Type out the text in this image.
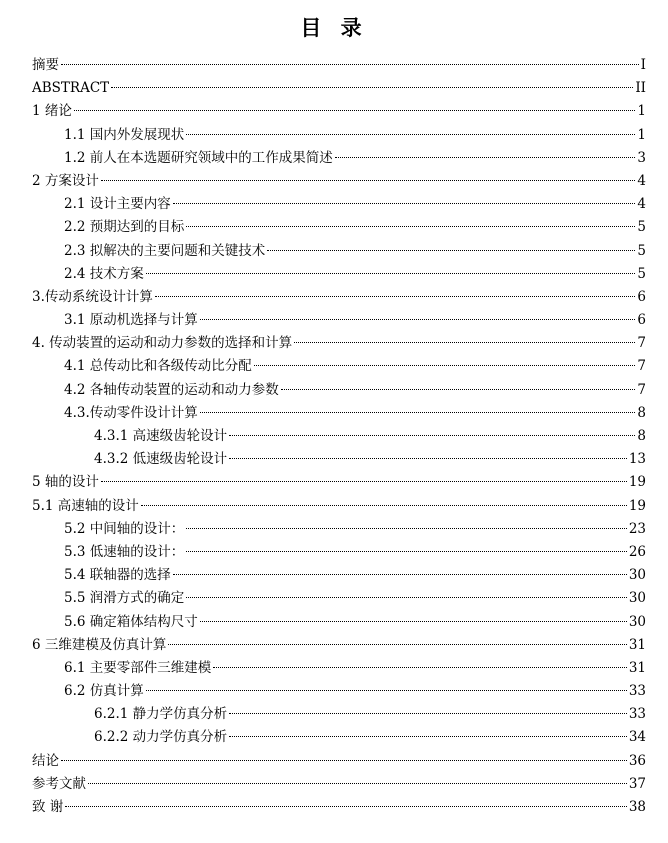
目 录
摘要	I
ABSTRACT	II
1 绪论	1
1.1 国内外发展现状	1
1.2 前人在本选题研究领域中的工作成果简述	3
2 方案设计	4
2.1 设计主要内容	4
2.2 预期达到的目标	5
2.3 拟解决的主要问题和关键技术	5
2.4 技术方案	5
3.传动系统设计计算	6
3.1 原动机选择与计算	6
4. 传动装置的运动和动力参数的选择和计算	7
4.1 总传动比和各级传动比分配	7
4.2 各轴传动装置的运动和动力参数	7
4.3.传动零件设计计算	8
4.3.1 高速级齿轮设计	8
4.3.2 低速级齿轮设计	13
5 轴的设计	19
5.1 高速轴的设计	19
5.2 中间轴的设计：	23
5.3 低速轴的设计：	26
5.4 联轴器的选择	30
5.5 润滑方式的确定	30
5.6 确定箱体结构尺寸	30
6 三维建模及仿真计算	31
6.1 主要零部件三维建模	31
6.2 仿真计算	33
6.2.1 静力学仿真分析	33
6.2.2 动力学仿真分析	34
结论	36
参考文献	37
致 谢	38
